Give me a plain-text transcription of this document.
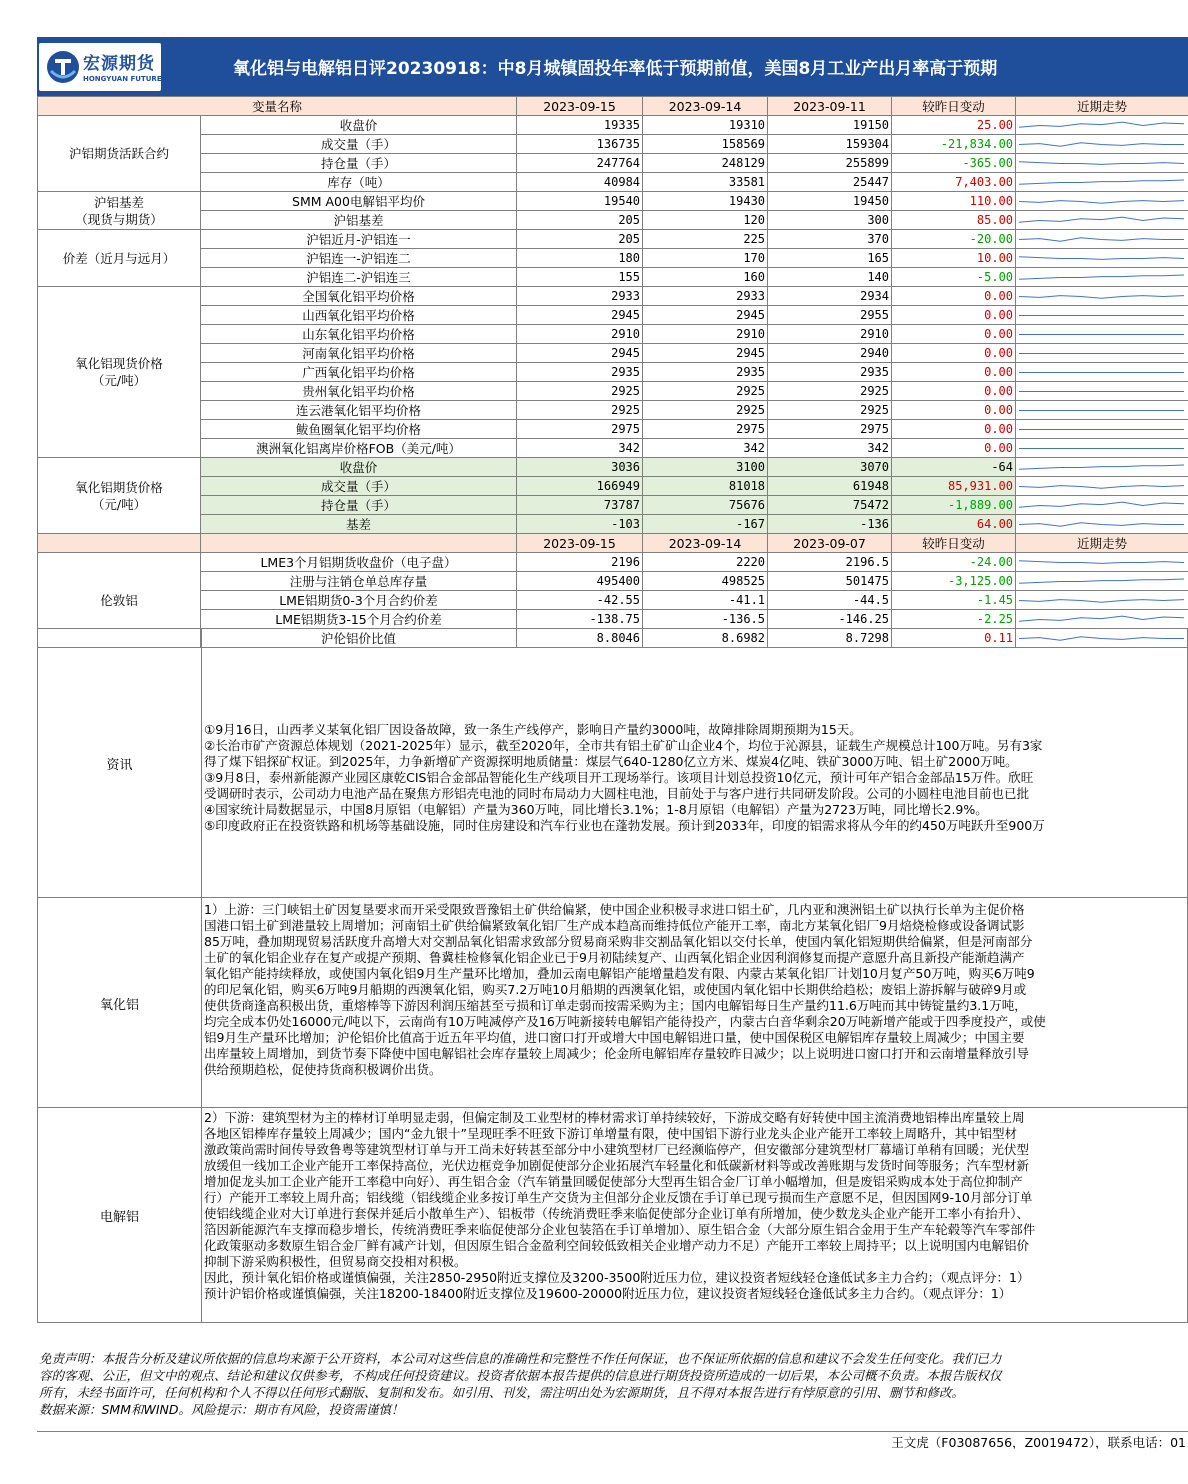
宏源期货
HONGYUAN FUTURES	氧化铝与电解铝日评20230918：中8月城镇固投年率低于预期前值，美国8月工业产出月率高于预期
变量名称		2023-09-15	2023-09-14	2023-09-11	较昨日变动	近期走势
沪铝期货活跃合约	收盘价	19335	19310	19150	25.00	

	成交量（手）	136735	158569	159304	-21,834.00	

	持仓量（手）	247764	248129	255899	-365.00	

	库存（吨）	40984	33581	25447	7,403.00	

沪铝基差
（现货与期货）	SMM A00电解铝平均价	19540	19430	19450	110.00	

	沪铝基差	205	120	300	85.00	

价差（近月与远月）	沪铝近月-沪铝连一	205	225	370	-20.00	

	沪铝连一-沪铝连二	180	170	165	10.00	

	沪铝连二-沪铝连三	155	160	140	-5.00	

氧化铝现货价格
（元/吨）	全国氧化铝平均价格	2933	2933	2934	0.00	

	山西氧化铝平均价格	2945	2945	2955	0.00	

	山东氧化铝平均价格	2910	2910	2910	0.00	

	河南氧化铝平均价格	2945	2945	2940	0.00	

	广西氧化铝平均价格	2935	2935	2935	0.00	

	贵州氧化铝平均价格	2925	2925	2925	0.00	

	连云港氧化铝平均价格	2925	2925	2925	0.00	

	鲅鱼圈氧化铝平均价格	2975	2975	2975	0.00	

	澳洲氧化铝离岸价格FOB（美元/吨）	342	342	342	0.00	

氧化铝期货价格
（元/吨）	收盘价	3036	3100	3070	-64	

	成交量（手）	166949	81018	61948	85,931.00	

	持仓量（手）	73787	75676	75472	-1,889.00	

	基差	-103	-167	-136	64.00	

		2023-09-15	2023-09-14	2023-09-07	较昨日变动	近期走势
伦敦铝	LME3个月铝期货收盘价（电子盘）	2196	2220	2196.5	-24.00	

	注册与注销仓单总库存量	495400	498525	501475	-3,125.00	

	LME铝期货0-3个月合约价差	-42.55	-41.1	-44.5	-1.45	

	LME铝期货3-15个月合约价差	-138.75	-136.5	-146.25	-2.25	

	沪伦铝价比值	8.8046	8.6982	8.7298	0.11	
资讯
①9月16日，山西孝义某氧化铝厂因设备故障，致一条生产线停产，影响日产量约3000吨，故障排除周期预期为15天。
②长治市矿产资源总体规划（2021-2025年）显示，截至2020年，全市共有铝土矿矿山企业4个，均位于沁源县，证载生产规模总计100万吨。另有3家
得了煤下铝探矿权证。到2025年，力争新增矿产资源探明地质储量：煤层气640-1280亿立方米、煤炭4亿吨、铁矿3000万吨、铝土矿2000万吨。
③9月8日，泰州新能源产业园区康乾CIS铝合金部品智能化生产线项目开工现场举行。该项目计划总投资10亿元，预计可年产铝合金部品15万件。欣旺
受调研时表示，公司动力电池产品在聚焦方形铝壳电池的同时布局动力大圆柱电池，目前处于与客户进行共同研发阶段。公司的小圆柱电池目前也已批
④国家统计局数据显示，中国8月原铝（电解铝）产量为360万吨，同比增长3.1%；1-8月原铝（电解铝）产量为2723万吨，同比增长2.9%。
⑤印度政府正在投资铁路和机场等基础设施，同时住房建设和汽车行业也在蓬勃发展。预计到2033年，印度的铝需求将从今年的约450万吨跃升至900万
氧化铝
1）上游：三门峡铝土矿因复垦要求而开采受限致晋豫铝土矿供给偏紧，使中国企业积极寻求进口铝土矿，几内亚和澳洲铝土矿以执行长单为主促价格
国港口铝土矿到港量较上周增加；河南铝土矿供给偏紧致氧化铝厂生产成本趋高而维持低位产能开工率，南北方某氧化铝厂9月焙烧检修或设备调试影
85万吨，叠加期现贸易活跃度升高增大对交割品氧化铝需求致部分贸易商采购非交割品氧化铝以交付长单，使国内氧化铝短期供给偏紧，但是河南部分
土矿的氧化铝企业存在复产或提产预期、鲁冀桂检修氧化铝企业已于9月初陆续复产、山西氧化铝企业因利润修复而提产意愿升高且新投产能渐趋满产
氧化铝产能持续释放，或使国内氧化铝9月生产量环比增加，叠加云南电解铝产能增量趋发有限、内蒙古某氧化铝厂计划10月复产50万吨，购买6万吨9
的印尼氧化铝，购买6万吨9月船期的西澳氧化铝，购买7.2万吨10月船期的西澳氧化铝，或使国内氧化铝中长期供给趋松；废铝上游拆解与破碎9月或
使供货商逢高积极出货，重熔棒等下游因利润压缩甚至亏损和订单走弱而按需采购为主；国内电解铝每日生产量约11.6万吨而其中铸锭量约3.1万吨，
均完全成本仍处16000元/吨以下，云南尚有10万吨减停产及16万吨新接转电解铝产能待投产，内蒙古白音华剩余20万吨新增产能或于四季度投产，或使
铝9月生产量环比增加；沪伦铝价比值高于近五年平均值，进口窗口打开或增大中国电解铝进口量，使中国保税区电解铝库存量较上周减少；中国主要
出库量较上周增加，到货节奏下降使中国电解铝社会库存量较上周减少；伦金所电解铝库存量较昨日减少；以上说明进口窗口打开和云南增量释放引导
供给预期趋松，促使持货商积极调价出货。
电解铝
2）下游：建筑型材为主的棒材订单明显走弱，但偏定制及工业型材的棒材需求订单持续较好，下游成交略有好转使中国主流消费地铝棒出库量较上周
各地区铝棒库存量较上周减少；国内“金九银十”呈现旺季不旺致下游订单增量有限，使中国铝下游行业龙头企业产能开工率较上周略升，其中铝型材
激政策尚需时间传导致鲁粤等建筑型材订单与开工尚未好转甚至部分中小建筑型材厂已经濒临停产，但安徽部分建筑型材厂幕墙订单稍有回暖；光伏型
放缓但一线加工企业产能开工率保持高位，光伏边框竞争加剧促使部分企业拓展汽车轻量化和低碳新材料等或改善账期与发货时间等服务；汽车型材新
增加促龙头加工企业产能开工率稳中向好）、再生铝合金（汽车销量回暖促使部分大型再生铝合金厂订单小幅增加，但是废铝采购成本处于高位抑制产
行）产能开工率较上周升高；铝线缆（铝线缆企业多按订单生产交货为主但部分企业反馈在手订单已现亏损而生产意愿不足，但因国网9-10月部分订单
使铝线缆企业对大订单进行套保并延后小散单生产）、铝板带（传统消费旺季来临促使部分企业订单有所增加，使少数龙头企业产能开工率小有抬升）、
箔因新能源汽车支撑而稳步增长，传统消费旺季来临促使部分企业包装箔在手订单增加）、原生铝合金（大部分原生铝合金用于生产车轮毂等汽车零部件
化政策驱动多数原生铝合金厂鲜有减产计划，但因原生铝合金盈利空间较低致相关企业增产动力不足）产能开工率较上周持平；以上说明国内电解铝价
抑制下游采购积极性，但贸易商交投相对积极。
因此，预计氧化铝价格或谨慎偏强，关注2850-2950附近支撑位及3200-3500附近压力位，建议投资者短线轻仓逢低试多主力合约；（观点评分：1）
预计沪铝价格或谨慎偏强，关注18200-18400附近支撑位及19600-20000附近压力位，建议投资者短线轻仓逢低试多主力合约。（观点评分：1）
免责声明：本报告分析及建议所依据的信息均来源于公开资料，本公司对这些信息的准确性和完整性不作任何保证，也不保证所依据的信息和建议不会发生任何变化。我们已力
容的客观、公正，但文中的观点、结论和建议仅供参考，不构成任何投资建议。投资者依据本报告提供的信息进行期货投资所造成的一切后果，本公司概不负责。本报告版权仅
所有，未经书面许可，任何机构和个人不得以任何形式翻版、复制和发布。如引用、刊发，需注明出处为宏源期货，且不得对本报告进行有悖原意的引用、删节和修改。
数据来源：SMM和WIND。风险提示：期市有风险，投资需谨慎！
王文虎（F03087656，Z0019472），联系电话：01
